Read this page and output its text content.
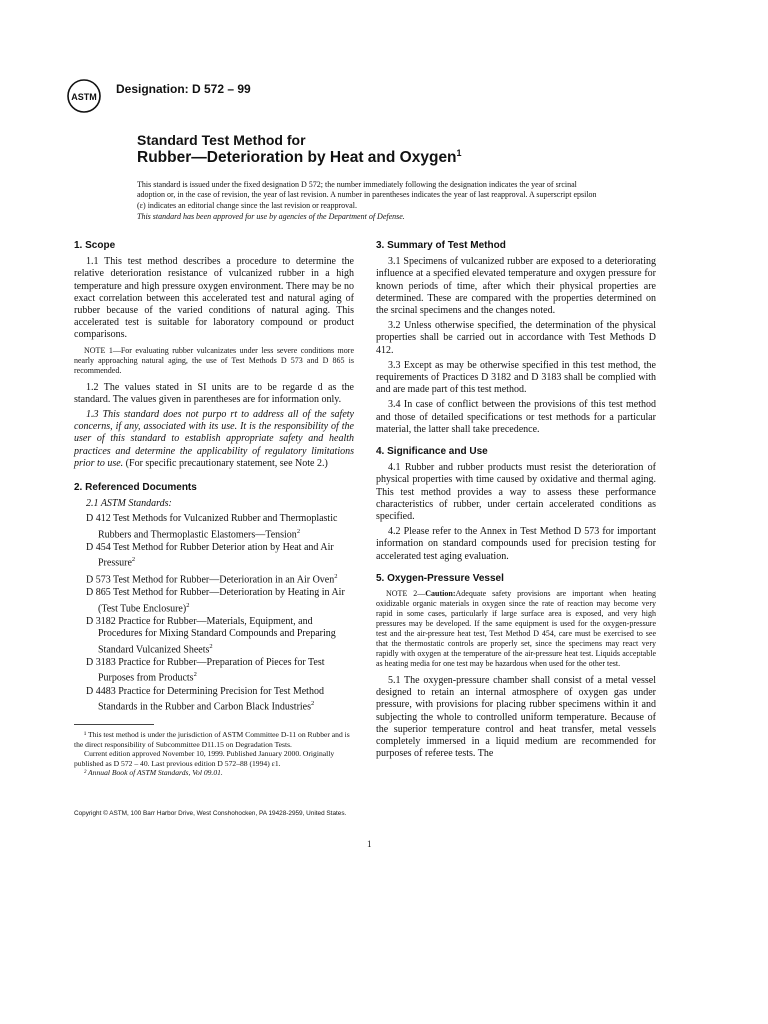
ASTM
Designation: D 572 – 99
Standard Test Method for
Rubber—Deterioration by Heat and Oxygen$^1$
This standard is issued under the fixed designation D 572; the number immediately following the designation indicates the year of srcinal adoption or, in the case of revision, the year of last revision. A number in parentheses indicates the year of last reapproval. A superscript epsilon (ε) indicates an editorial change since the last revision or reapproval.
This standard has been approved for use by agencies of the Department of Defense.
1. Scope

1.1 This test method describes a procedure to determine the relative deterioration resistance of vulcanized rubber in a high temperature and high pressure oxygen environment. There may be no exact correlation between this accelerated test and natural aging of rubber because of the varied conditions of natural aging. This accelerated test is suitable for laboratory compound or product comparisons.

NOTE 1—For evaluating rubber vulcanizates under less severe conditions more nearly approaching natural aging, the use of Test Methods D 573 and D 865 is recommended.

1.2 The values stated in SI units are to be regarde d as the standard. The values given in parentheses are for information only.

1.3 This standard does not purpo rt to address all of the safety concerns, if any, associated with its use. It is the responsibility of the user of this standard to establish appropriate safety and health practices and determine the applicability of regulatory limitations prior to use. (For specific precautionary statement, see Note 2.)

2. Referenced Documents

2.1 ASTM Standards:

D 412 Test Methods for Vulcanized Rubber and Thermoplastic Rubbers and Thermoplastic Elastomers—Tension$^2$
D 454 Test Method for Rubber Deterior ation by Heat and Air Pressure$^2$
D 573 Test Method for Rubber—Deterioration in an Air Oven$^2$
D 865 Test Method for Rubber—Deterioration by Heating in Air (Test Tube Enclosure)$^2$
D 3182 Practice for Rubber—Materials, Equipment, and Procedures for Mixing Standard Compounds and Preparing Standard Vulcanized Sheets$^2$
D 3183 Practice for Rubber—Preparation of Pieces for Test Purposes from Products$^2$
D 4483 Practice for Determining Precision for Test Method Standards in the Rubber and Carbon Black Industries$^2$
¹ This test method is under the jurisdiction of ASTM Committee D-11 on Rubber and is the direct responsibility of Subcommittee D11.15 on Degradation Tests.
Current edition approved November 10, 1999. Published January 2000. Originally published as D 572 – 40. Last previous edition D 572–88 (1994) ε1.
² Annual Book of ASTM Standards, Vol 09.01.
3. Summary of Test Method

3.1 Specimens of vulcanized rubber are exposed to a deteriorating influence at a specified elevated temperature and oxygen pressure for known periods of time, after which their physical properties are determined. These are compared with the properties determined on the srcinal specimens and the changes noted.

3.2 Unless otherwise specified, the determination of the physical properties shall be carried out in accordance with Test Methods D 412.

3.3 Except as may be otherwise specified in this test method, the requirements of Practices D 3182 and D 3183 shall be complied with and are made part of this test method.

3.4 In case of conflict between the provisions of this test method and those of detailed specifications or test methods for a particular material, the latter shall take precedence.

4. Significance and Use

4.1 Rubber and rubber products must resist the deterioration of physical properties with time caused by oxidative and thermal aging. This test method provides a way to assess these performance characteristics of rubber, under certain accelerated conditions as specified.

4.2 Please refer to the Annex in Test Method D 573 for important information on standard compounds used for precision testing for accelerated test aging evaluation.

5. Oxygen-Pressure Vessel

NOTE 2—Caution:Adequate safety provisions are important when heating oxidizable organic materials in oxygen since the rate of reaction may become very rapid in some cases, particularly if large surface area is exposed, and very high pressures may be developed. If the same equipment is used for the oxygen-pressure test and the air-pressure heat test, Test Method D 454, care must be exercised to see that the thermostatic controls are properly set, since the specimens may react very rapidly with oxygen at the temperature of the air-pressure heat test. Liquids acceptable as heating media for one test may be hazardous when used for the other test.

5.1 The oxygen-pressure chamber shall consist of a metal vessel designed to retain an internal atmosphere of oxygen gas under pressure, with provisions for placing rubber specimens within it and subjecting the whole to controlled uniform temperature. Because of the superior temperature control and heat transfer, metal vessels completely immersed in a liquid medium are recommended for purposes of referee tests. The

Copyright © ASTM, 100 Barr Harbor Drive, West Conshohocken, PA 19428-2959, United States.
1
